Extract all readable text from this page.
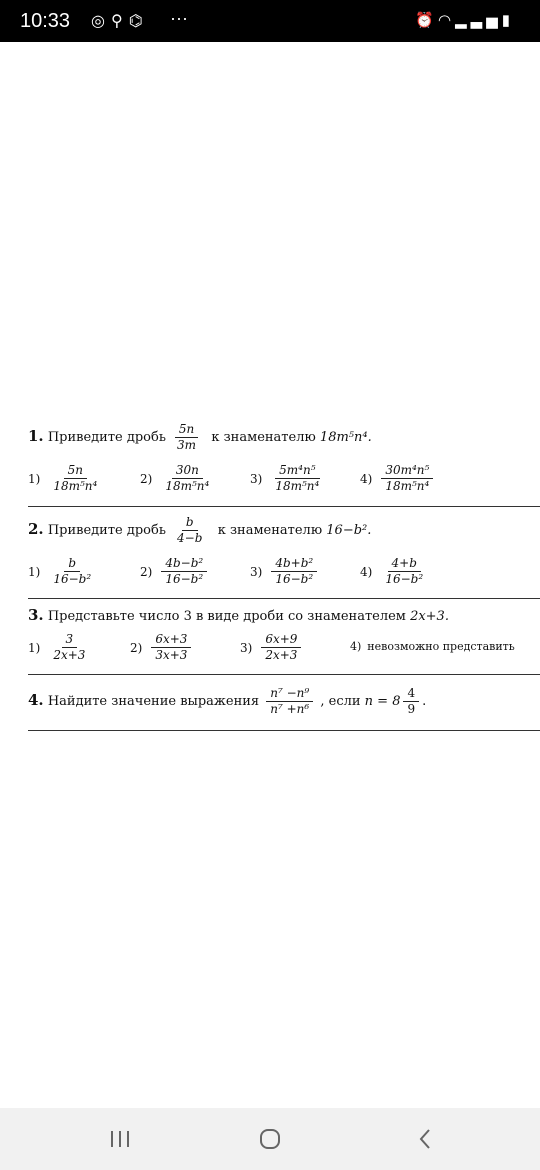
10:33 ◎⚲⌬ ···	⏰◠▂▃▅▮
1. Приведите дробь $\frac{5n}{3m}$ к знаменателю 18m⁵n⁴.
$1) \frac{5n}{\text{18m⁵n⁴}}$	$2) \frac{30n}{\text{18m⁵n⁴}}$	$3) \frac{\text{5m⁴n⁵}}{\text{18m⁵n⁴}}$	$4) \frac{\text{30m⁴n⁵}}{\text{18m⁵n⁴}}$
2. Приведите дробь $\frac{b}{4-b}$ к знаменателю 16−b².
$1) \frac{b}{\text{16−b²}}$	$2) \frac{\text{4b−b²}}{\text{16−b²}}$	$3) \frac{\text{4b+b²}}{\text{16−b²}}$	$4) \frac{4+b}{\text{16−b²}}$
3. Представьте число 3 в виде дроби со знаменателем 2x+3.
$1) \frac{3}{2x+3}$	$2) \frac{6x+3}{3x+3}$	$3) \frac{6x+9}{2x+3}$	4) невозможно представить
4. Найдите значение выражения $\frac{\text{n⁷ −n⁹}}{\text{n⁷ +n⁶}}$ , если $n = 8 \frac{4}{9}$ .
